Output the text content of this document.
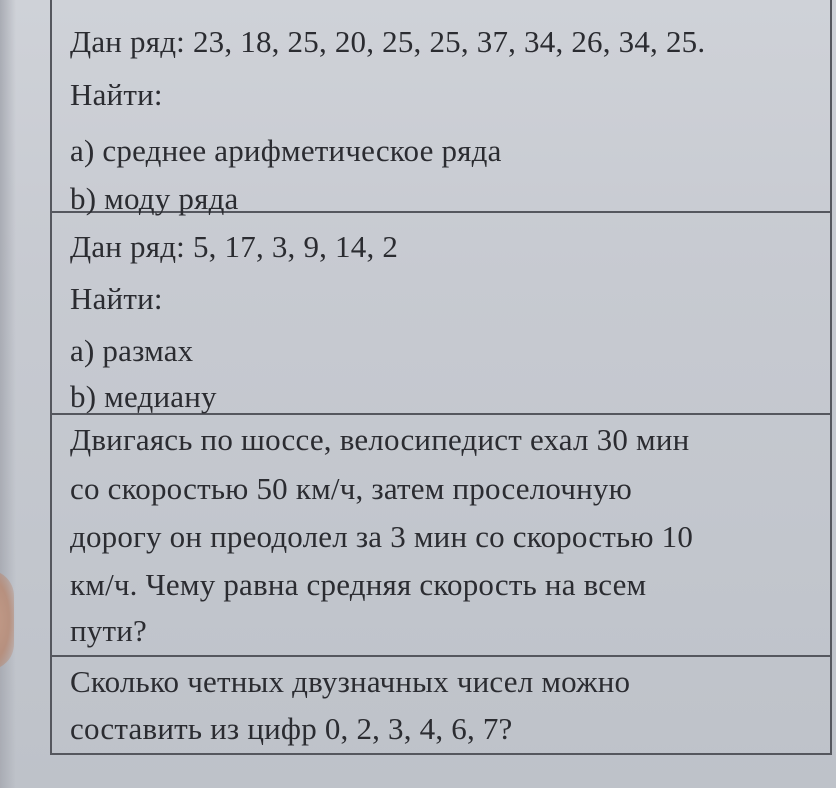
Дан ряд: 23, 18, 25, 20, 25, 25, 37, 34, 26, 34, 25.
Найти:
a) среднее арифметическое ряда
b) моду ряда
Дан ряд: 5, 17, 3, 9, 14, 2
Найти:
a) размах
b) медиану
Двигаясь по шоссе, велосипедист ехал 30 мин
со скоростью 50 км/ч, затем проселочную
дорогу он преодолел за 3 мин со скоростью 10
км/ч. Чему равна средняя скорость на всем
пути?
Сколько четных двузначных чисел можно
составить из цифр 0, 2, 3, 4, 6, 7?
